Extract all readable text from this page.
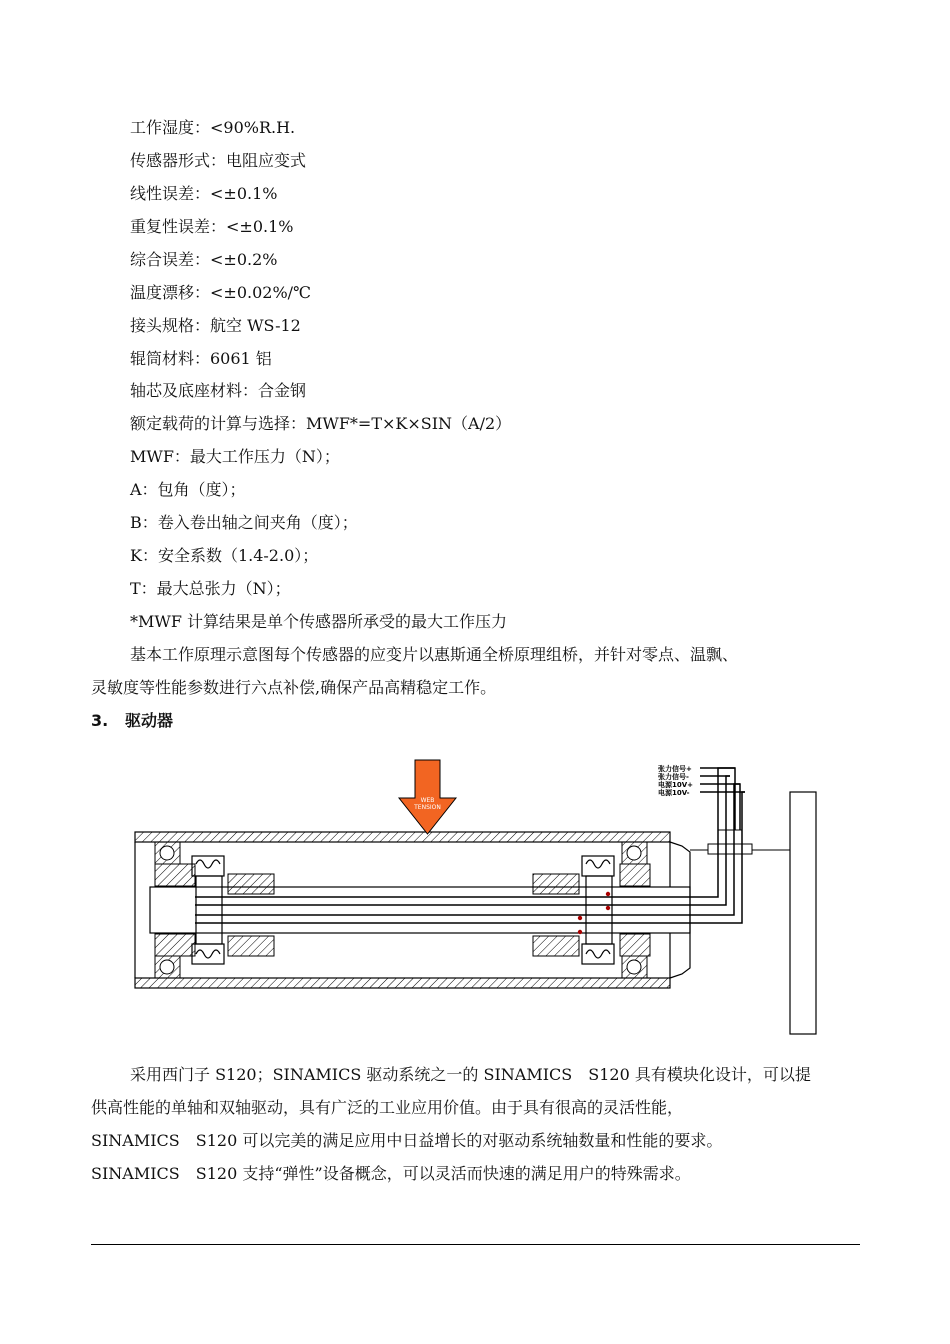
工作湿度：<90%R.H.
传感器形式：电阻应变式
线性误差：<±0.1%
重复性误差：<±0.1%
综合误差：<±0.2%
温度漂移：<±0.02%/℃
接头规格：航空 WS-12
辊筒材料：6061 铝
轴芯及底座材料：合金钢
额定载荷的计算与选择：MWF*=T×K×SIN（A/2）
MWF：最大工作压力（N）；
A：包角（度）；
B：卷入卷出轴之间夹角（度）；
K：安全系数（1.4-2.0）；
T：最大总张力（N）；
*MWF 计算结果是单个传感器所承受的最大工作压力
基本工作原理示意图每个传感器的应变片以惠斯通全桥原理组桥，并针对零点、温飘、
灵敏度等性能参数进行六点补偿,确保产品高精稳定工作。
3. 驱动器
张力信号+
张力信号-
电源10V+
电源10V-
WEB
TENSION
采用西门子 S120；SINAMICS 驱动系统之一的 SINAMICS　S120 具有模块化设计，可以提
供高性能的单轴和双轴驱动，具有广泛的工业应用价值。由于具有很高的灵活性能，
SINAMICS　S120 可以完美的满足应用中日益增长的对驱动系统轴数量和性能的要求。
SINAMICS　S120 支持“弹性”设备概念，可以灵活而快速的满足用户的特殊需求。
